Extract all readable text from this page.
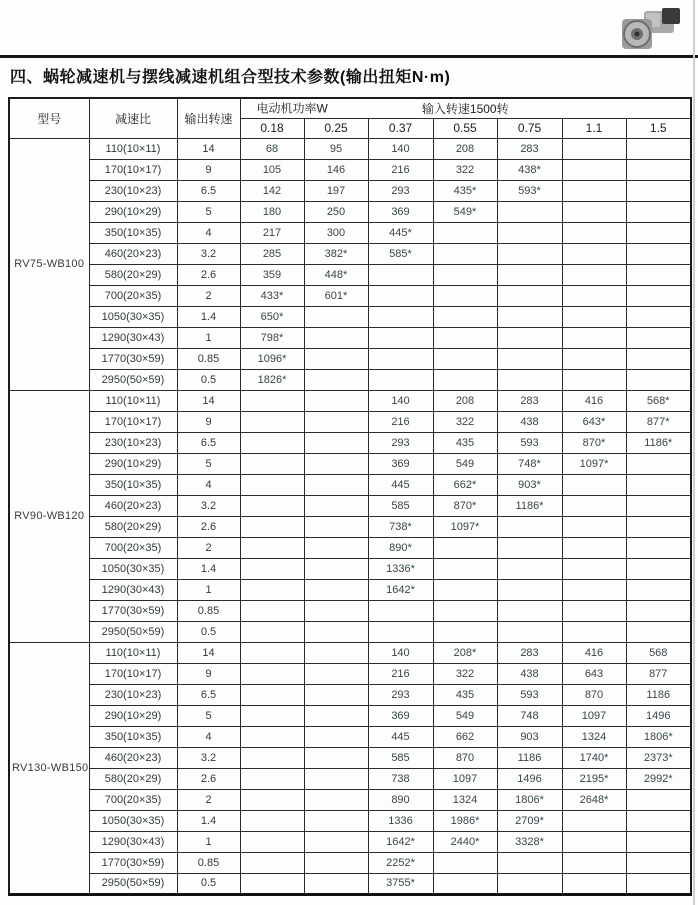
四、蜗轮减速机与摆线减速机组合型技术参数(输出扭矩N·m)
型号	减速比	输出转速	电动机功率W 输入转速1500转						

			0.18	0.25	0.37	0.55	0.75	1.1	1.5
RV75-WB100	110(10×11)	14	68	95	140	208	283		
	170(10×17)	9	105	146	216	322	438*		
	230(10×23)	6.5	142	197	293	435*	593*		
	290(10×29)	5	180	250	369	549*			
	350(10×35)	4	217	300	445*				
	460(20×23)	3.2	285	382*	585*				
	580(20×29)	2.6	359	448*					
	700(20×35)	2	433*	601*					
	1050(30×35)	1.4	650*						
	1290(30×43)	1	798*						
	1770(30×59)	0.85	1096*						
	2950(50×59)	0.5	1826*						
RV90-WB120	110(10×11)	14			140	208	283	416	568*
	170(10×17)	9			216	322	438	643*	877*
	230(10×23)	6.5			293	435	593	870*	1186*
	290(10×29)	5			369	549	748*	1097*	
	350(10×35)	4			445	662*	903*		
	460(20×23)	3.2			585	870*	1186*		
	580(20×29)	2.6			738*	1097*			
	700(20×35)	2			890*				
	1050(30×35)	1.4			1336*				
	1290(30×43)	1			1642*				
	1770(30×59)	0.85							
	2950(50×59)	0.5							
RV130-WB150	110(10×11)	14			140	208*	283	416	568
	170(10×17)	9			216	322	438	643	877
	230(10×23)	6.5			293	435	593	870	1186
	290(10×29)	5			369	549	748	1097	1496
	350(10×35)	4			445	662	903	1324	1806*
	460(20×23)	3.2			585	870	1186	1740*	2373*
	580(20×29)	2.6			738	1097	1496	2195*	2992*
	700(20×35)	2			890	1324	1806*	2648*	
	1050(30×35)	1.4			1336	1986*	2709*		
	1290(30×43)	1			1642*	2440*	3328*		
	1770(30×59)	0.85			2252*				
	2950(50×59)	0.5			3755*				
